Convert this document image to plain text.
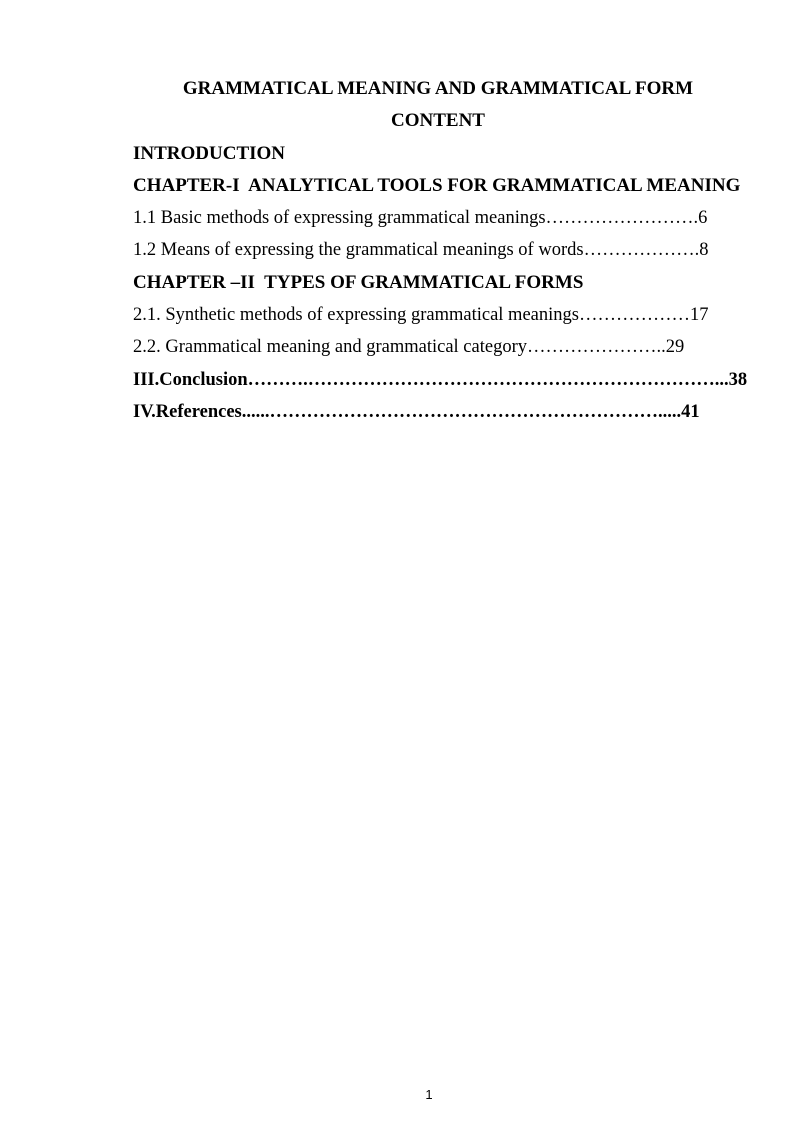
GRAMMATICAL MEANING AND GRAMMATICAL FORM
CONTENT
INTRODUCTION
CHAPTER-I  ANALYTICAL TOOLS FOR GRAMMATICAL MEANING
1.1 Basic methods of expressing grammatical meanings…………………….6
1.2 Means of expressing the grammatical meanings of words……………….8
CHAPTER –II  TYPES OF GRAMMATICAL FORMS
2.1. Synthetic methods of expressing grammatical meanings………………17
2.2. Grammatical meaning and grammatical category…………………..29
III.Conclusion……….…………………………………………………………...38
IV.References......……………………………………………………….....41
1
